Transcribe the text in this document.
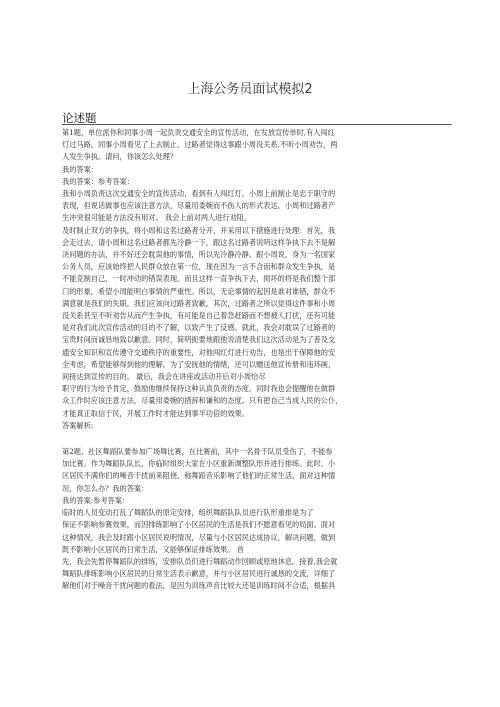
上海公务员面试模拟2
论述题

第1题、单位派你和同事小周一起负责交通安全的宣传活动，在发放宣传单时,有人闯红

灯过马路，同事小周看见了上去制止，过路者觉得这事跟小周没关系,不听小周劝告，两

人发生争执。请问，你该怎么处理？

我的答案：

我的答案：参考答案：

我和小周负责这次交通安全的宣传活动，看到有人闯红灯，小周上前制止是忠于职守的

表现，但说话做事也应该注意方法，尽量用委婉而不伤人的形式表达，小周和过路者产

生冲突很可能是方法没有用对。 我会上前对两人进行劝阻，

及时制止双方的争执，将小周和这名过路者分开，并采用以下措施进行处理：首先，我

会走过去，请小周和这名过路者都先冷静一下，跟这名过路者说明这样争执下去不是解

决问题的办法，并不好还会耽误他的事情，所以先冷静冷静。跟小周说，身为一名国家

公务人员，应该始终把人民群众放在第一位，现在因为一言不合而和群众发生争执，是

不能克制自己，一时冲动的错误表现。而且这样一直争执下去，损坏的将是我们整个部

门的形象，希望小周能明白事情的严重性。所以，无论事情的起因是谁对谁错，群众不

满意就是我们的失职，我们应该向过路者致歉。其次，过路者之所以觉得这件事和小周

没关系甚至不听劝告从而产生争执，有可能是自己着急赶路而不想被人打扰，还有可能

是对我们此次宣传活动的目的不了解，以致产生了反感。就此，我会对耽误了过路者的

宝贵时间而诚恳地致以歉意。同时，简明扼要地跟他说清楚我们这次活动是为了普及交

通安全知识和宣传遵守交通秩序的重要性，对他闯红灯进行劝告，也是出于保障他的安

全考虑，希望能够得到他的理解。为了安抚他的情绪，还可以赠送他宣传册和违环画，

间接达到宣传的目的。 最后，我会在讲座或活动开后对小周恰尽

职守的行为给予肯定，鼓励他继续保持这种认真负责的态度。同时我也会提醒他在做群

众工作时应该注意方法，尽量用委婉的措辞和谦和的态度。只有把自己当成人民的公仆，

才能真正取信于民，开展工作时才能达到事半功倍的效果。

答案解析:

第2题、社区舞蹈队要参加广场舞比赛，在比赛前，其中一名骨干队员受伤了，不能参

加比赛。作为舞蹈队队长，你临时组织大家在小区重新调整队形并进行排练。此时，小

区居民不满你们的噪音干扰前来阻挠，称舞蹈音乐影响了他们的正常生活，面对这种情

况，你怎么办？我的答案：

我的答案:参考答案：

临时的人员变动打乱了舞蹈队的原定安排，组织舞蹈队队员进行队形重排是为了

保证不影响参赛效果，而因排练影响了小区居民的生活是我们不愿意看见的局面。面对

这种情况，我会及时跟小区居民说明情况，尽量与小区居民达成协议，解决问题，做到

既不影响小区居民的日常生活，又能够保证排练效果。 首

先，我会先暂停舞蹈队的排练，安排队员们进行舞蹈动作回顾或原地休息。接着,我会就

舞蹈队排练影响小区居民的日常生活表示歉意，并与小区居民进行诚恳的交流，详细了

解他们对于噪音干扰问题的看法，是因为训练声音比较大还是训练时间不合适，根据具
